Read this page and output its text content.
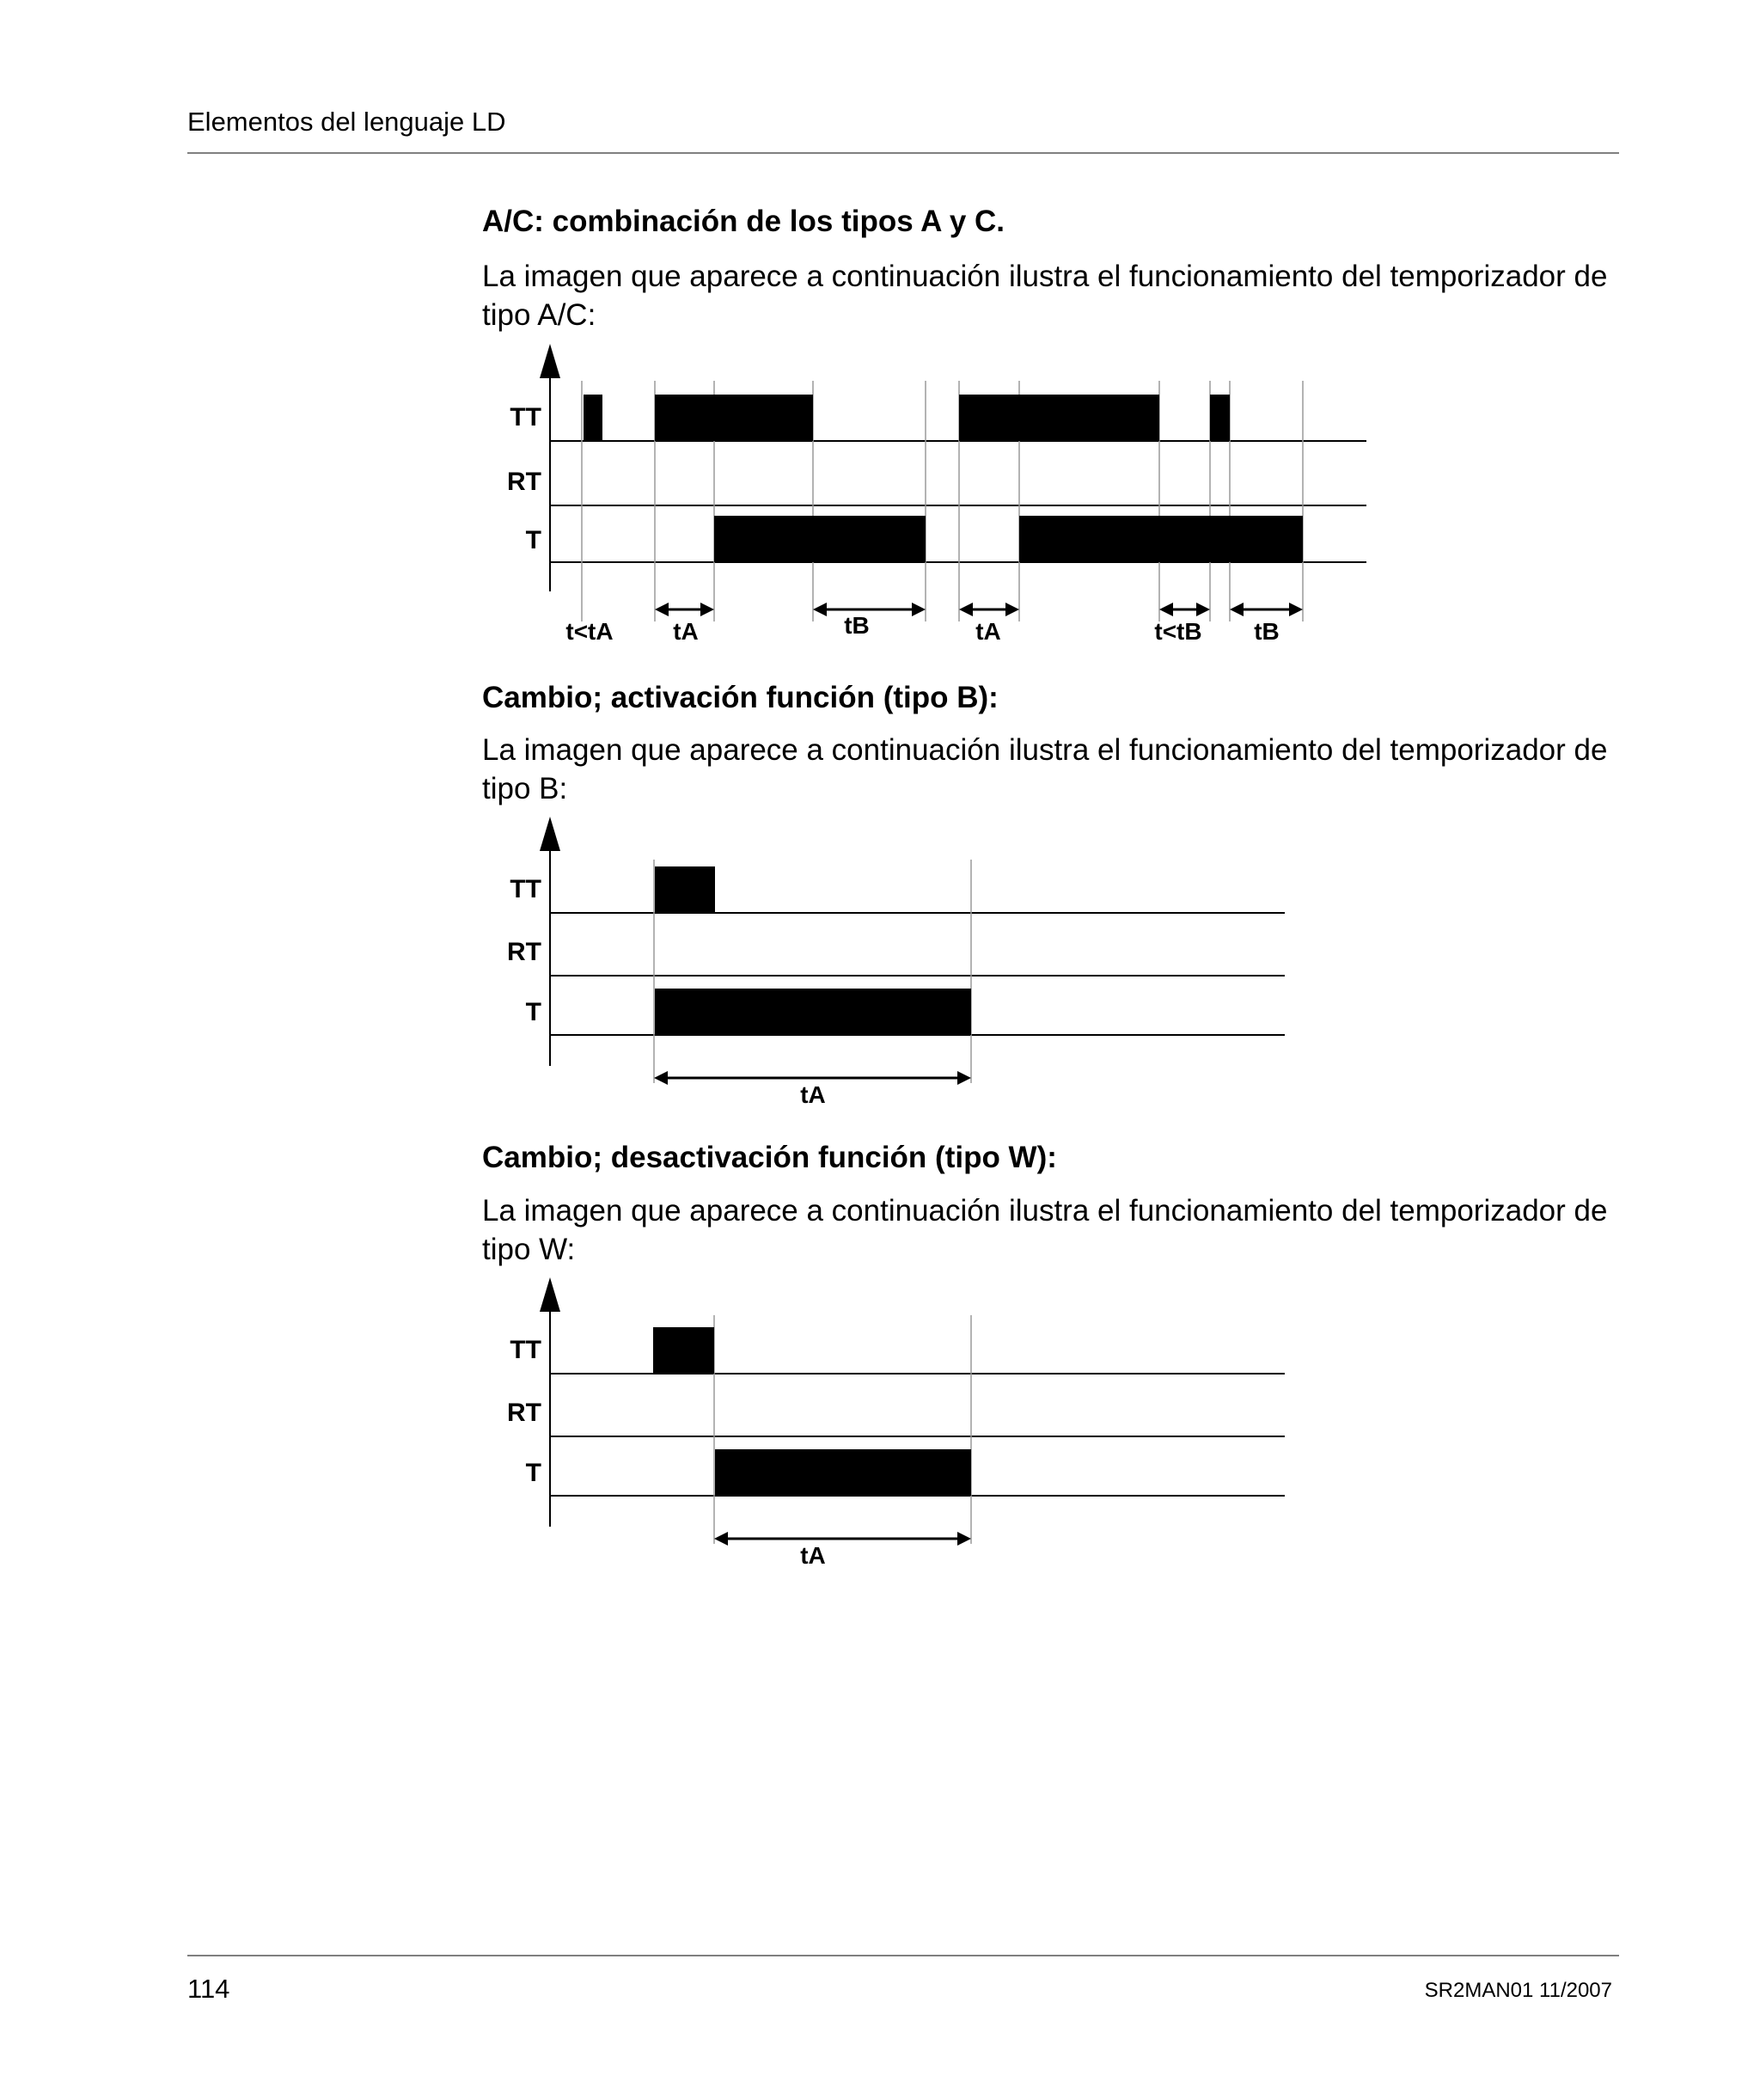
Elementos del lenguaje LD
A/C: combinación de los tipos A y C.
La imagen que aparece a continuación ilustra el funcionamiento del temporizador de tipo A/C:
TT
RT
T
t<tA tA	tB	tA	t<tB tB
Cambio; activación función (tipo B):
La imagen que aparece a continuación ilustra el funcionamiento del temporizador de tipo B:
TT
RT
T
tA
Cambio; desactivación función (tipo W):
La imagen que aparece a continuación ilustra el funcionamiento del temporizador de tipo W:
TT
RT
T
tA
114	SR2MAN01 11/2007
